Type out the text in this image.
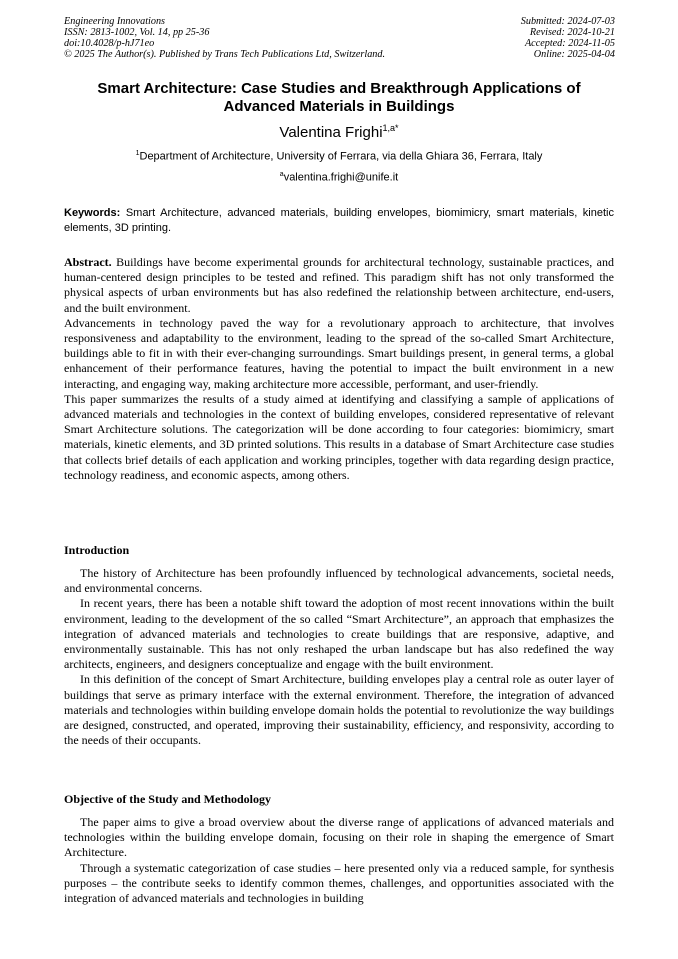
Engineering Innovations
ISSN: 2813-1002, Vol. 14, pp 25-36
doi:10.4028/p-hJ71eo
© 2025 The Author(s). Published by Trans Tech Publications Ltd, Switzerland.
Submitted: 2024-07-03
Revised: 2024-10-21
Accepted: 2024-11-05
Online: 2025-04-04
Smart Architecture: Case Studies and Breakthrough Applications of Advanced Materials in Buildings
Valentina Frighi$^{1,a*}$
$^1$Department of Architecture, University of Ferrara, via della Ghiara 36, Ferrara, Italy
$^a$valentina.frighi@unife.it
Keywords: Smart Architecture, advanced materials, building envelopes, biomimicry, smart materials, kinetic elements, 3D printing.

Abstract. Buildings have become experimental grounds for architectural technology, sustainable practices, and human-centered design principles to be tested and refined. This paradigm shift has not only transformed the physical aspects of urban environments but has also redefined the relationship between architecture, end-users, and the built environment.

Advancements in technology paved the way for a revolutionary approach to architecture, that involves responsiveness and adaptability to the environment, leading to the spread of the so-called Smart Architecture, buildings able to fit in with their ever-changing surroundings. Smart buildings present, in general terms, a global enhancement of their performance features, having the potential to impact the built environment in a new interacting, and engaging way, making architecture more accessible, performant, and user-friendly.

This paper summarizes the results of a study aimed at identifying and classifying a sample of applications of advanced materials and technologies in the context of building envelopes, considered representative of relevant Smart Architecture solutions. The categorization will be done according to four categories: biomimicry, smart materials, kinetic elements, and 3D printed solutions. This results in a database of Smart Architecture case studies that collects brief details of each application and working principles, together with data regarding design practice, technology readiness, and economic aspects, among others.

Introduction

The history of Architecture has been profoundly influenced by technological advancements, societal needs, and environmental concerns.

In recent years, there has been a notable shift toward the adoption of most recent innovations within the built environment, leading to the development of the so called “Smart Architecture”, an approach that emphasizes the integration of advanced materials and technologies to create buildings that are responsive, adaptive, and environmentally sustainable. This has not only reshaped the urban landscape but has also redefined the way architects, engineers, and designers conceptualize and engage with the built environment.

In this definition of the concept of Smart Architecture, building envelopes play a central role as outer layer of buildings that serve as primary interface with the external environment. Therefore, the integration of advanced materials and technologies within building envelope domain holds the potential to revolutionize the way buildings are designed, constructed, and operated, improving their sustainability, efficiency, and responsivity, according to the needs of their occupants.

Objective of the Study and Methodology

The paper aims to give a broad overview about the diverse range of applications of advanced materials and technologies within the building envelope domain, focusing on their role in shaping the emergence of Smart Architecture.

Through a systematic categorization of case studies – here presented only via a reduced sample, for synthesis purposes – the contribute seeks to identify common themes, challenges, and opportunities associated with the integration of advanced materials and technologies in building
